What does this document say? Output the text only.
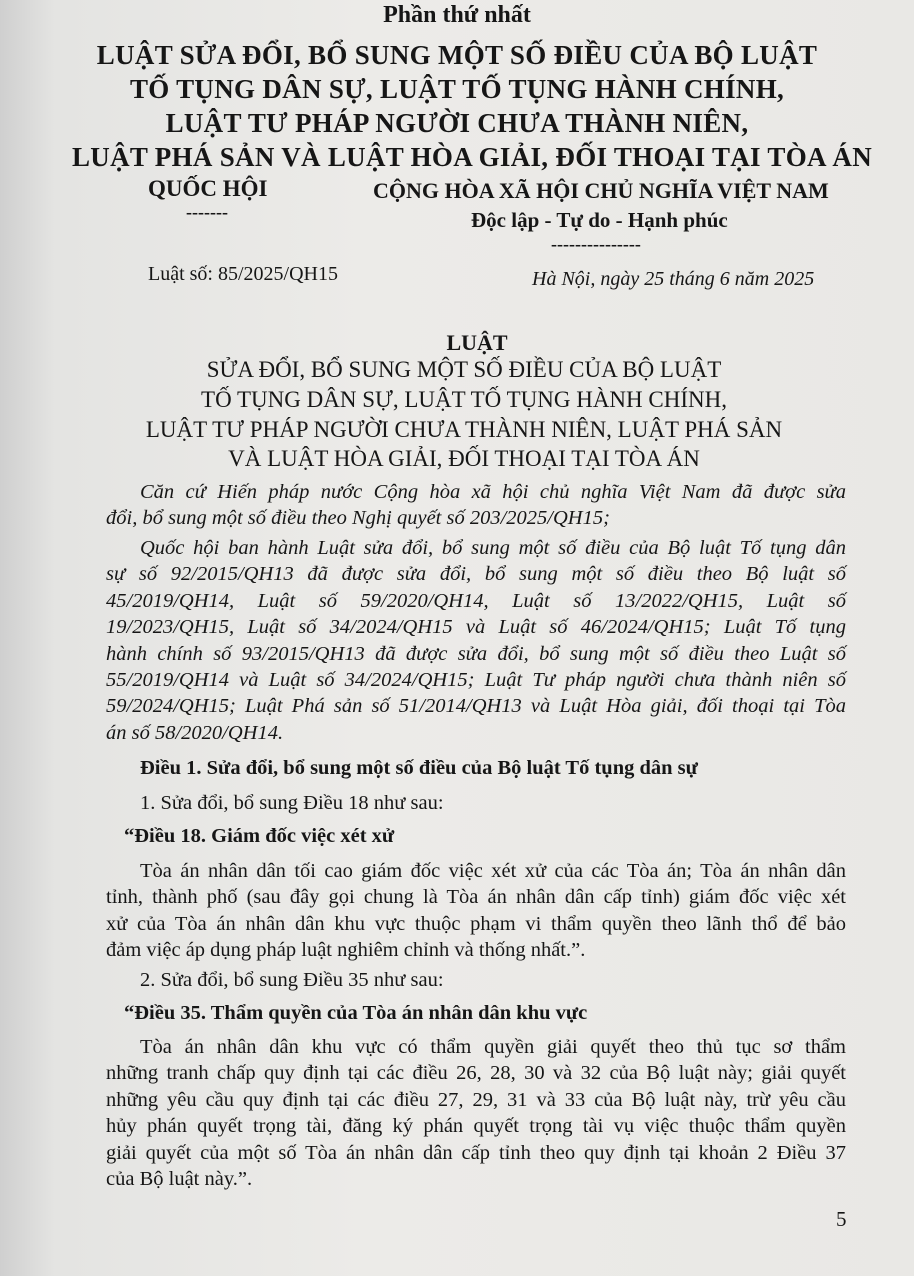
Phần thứ nhất
LUẬT SỬA ĐỔI, BỔ SUNG MỘT SỐ ĐIỀU CỦA BỘ LUẬT
TỐ TỤNG DÂN SỰ, LUẬT TỐ TỤNG HÀNH CHÍNH,
LUẬT TƯ PHÁP NGƯỜI CHƯA THÀNH NIÊN,
LUẬT PHÁ SẢN VÀ LUẬT HÒA GIẢI, ĐỐI THOẠI TẠI TÒA ÁN
QUỐC HỘI
-------
CỘNG HÒA XÃ HỘI CHỦ NGHĨA VIỆT NAM
Độc lập - Tự do - Hạnh phúc
---------------
Luật số: 85/2025/QH15	Hà Nội, ngày 25 tháng 6 năm 2025
LUẬT
SỬA ĐỔI, BỔ SUNG MỘT SỐ ĐIỀU CỦA BỘ LUẬT
TỐ TỤNG DÂN SỰ, LUẬT TỐ TỤNG HÀNH CHÍNH,
LUẬT TƯ PHÁP NGƯỜI CHƯA THÀNH NIÊN, LUẬT PHÁ SẢN
VÀ LUẬT HÒA GIẢI, ĐỐI THOẠI TẠI TÒA ÁN
Căn cứ Hiến pháp nước Cộng hòa xã hội chủ nghĩa Việt Nam đã được sửa
đổi, bổ sung một số điều theo Nghị quyết số 203/2025/QH15;
Quốc hội ban hành Luật sửa đổi, bổ sung một số điều của Bộ luật Tố tụng dân
sự số 92/2015/QH13 đã được sửa đổi, bổ sung một số điều theo Bộ luật số
45/2019/QH14, Luật số 59/2020/QH14, Luật số 13/2022/QH15, Luật số
19/2023/QH15, Luật số 34/2024/QH15 và Luật số 46/2024/QH15; Luật Tố tụng
hành chính số 93/2015/QH13 đã được sửa đổi, bổ sung một số điều theo Luật số
55/2019/QH14 và Luật số 34/2024/QH15; Luật Tư pháp người chưa thành niên số
59/2024/QH15; Luật Phá sản số 51/2014/QH13 và Luật Hòa giải, đối thoại tại Tòa
án số 58/2020/QH14.
Điều 1. Sửa đổi, bổ sung một số điều của Bộ luật Tố tụng dân sự
1. Sửa đổi, bổ sung Điều 18 như sau:
“Điều 18. Giám đốc việc xét xử
Tòa án nhân dân tối cao giám đốc việc xét xử của các Tòa án; Tòa án nhân dân
tỉnh, thành phố (sau đây gọi chung là Tòa án nhân dân cấp tỉnh) giám đốc việc xét
xử của Tòa án nhân dân khu vực thuộc phạm vi thẩm quyền theo lãnh thổ để bảo
đảm việc áp dụng pháp luật nghiêm chỉnh và thống nhất.”.
2. Sửa đổi, bổ sung Điều 35 như sau:
“Điều 35. Thẩm quyền của Tòa án nhân dân khu vực
Tòa án nhân dân khu vực có thẩm quyền giải quyết theo thủ tục sơ thẩm
những tranh chấp quy định tại các điều 26, 28, 30 và 32 của Bộ luật này; giải quyết
những yêu cầu quy định tại các điều 27, 29, 31 và 33 của Bộ luật này, trừ yêu cầu
hủy phán quyết trọng tài, đăng ký phán quyết trọng tài vụ việc thuộc thẩm quyền
giải quyết của một số Tòa án nhân dân cấp tỉnh theo quy định tại khoản 2 Điều 37
của Bộ luật này.”.
5
